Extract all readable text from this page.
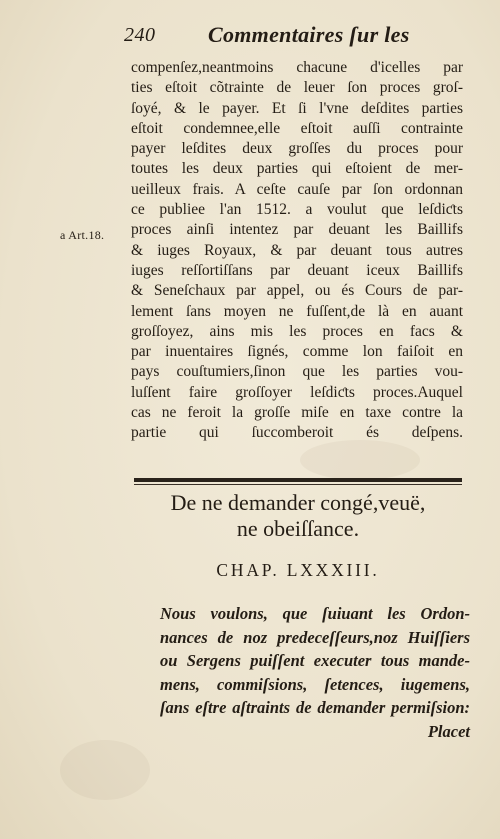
240 Commentaires ſur les
compenſez,neantmoins chacune d'icelles par
ties eſtoit cõtrainte de leuer ſon proces groſ-
ſoyé, & le payer. Et ſi l'vne deſdites parties
eſtoit condemnee,elle eſtoit auſſi contrainte
payer leſdites deux groſſes du proces pour
toutes les deux parties qui eſtoient de mer-
ueilleux frais. A ceſte cauſe par ſon ordonnan
ce publiee l'an 1512. a voulut que leſdiƈts
proces ainſi intentez par deuant les Baillifs
& iuges Royaux, & par deuant tous autres
iuges reſſortiſſans par deuant iceux Baillifs
& Seneſchaux par appel, ou és Cours de par-
lement ſans moyen ne fuſſent,de là en auant
groſſoyez, ains mis les proces en facs &
par inuentaires ſignés, comme lon faiſoit en
pays couſtumiers,ſinon que les parties vou-
luſſent faire groſſoyer leſdiƈts proces.Auquel
cas ne feroit la groſſe miſe en taxe contre la
partie qui ſuccomberoit és deſpens.
a Art.18.
De ne demander congé,veuë,
ne obeiſſance.
CHAP. LXXXIII.
Nous voulons, que ſuiuant les Ordon-
nances de noz predeceſſeurs,noz Huiſſiers
ou Sergens puiſſent executer tous mande-
mens, commiſsions, ſetences, iugemens,
ſans eſtre aſtraints de demander permiſsion:
Placet
